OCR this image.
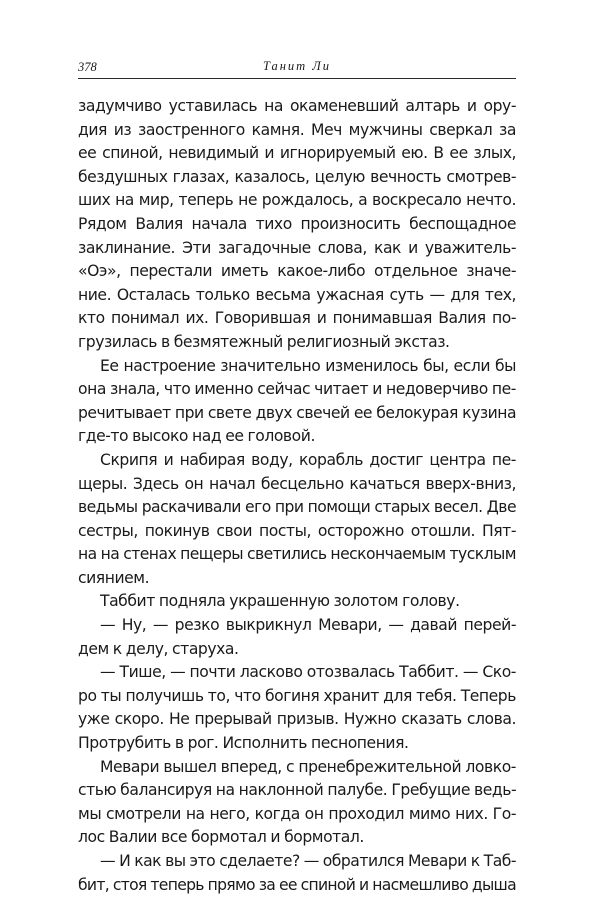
378	Танит Ли
задумчиво уставилась на окаменевший алтарь и ору-
дия из заостренного камня. Меч мужчины сверкал за
ее спиной, невидимый и игнорируемый ею. В ее злых,
бездушных глазах, казалось, целую вечность смотрев-
ших на мир, теперь не рождалось, а воскресало нечто.
Рядом Валия начала тихо произносить беспощадное
заклинание. Эти загадочные слова, как и уважитель-
«Оэ», перестали иметь какое-либо отдельное значе-
ние. Осталась только весьма ужасная суть — для тех,
кто понимал их. Говорившая и понимавшая Валия по-
грузилась в безмятежный религиозный экстаз.
Ее настроение значительно изменилось бы, если бы
она знала, что именно сейчас читает и недоверчиво пе-
речитывает при свете двух свечей ее белокурая кузина
где-то высоко над ее головой.
Скрипя и набирая воду, корабль достиг центра пе-
щеры. Здесь он начал бесцельно качаться вверх-вниз,
ведьмы раскачивали его при помощи старых весел. Две
сестры, покинув свои посты, осторожно отошли. Пят-
на на стенах пещеры светились нескончаемым тусклым
сиянием.
Таббит подняла украшенную золотом голову.
— Ну, — резко выкрикнул Мевари, — давай перей-
дем к делу, старуха.
— Тише, — почти ласково отозвалась Таббит. — Ско-
ро ты получишь то, что богиня хранит для тебя. Теперь
уже скоро. Не прерывай призыв. Нужно сказать слова.
Протрубить в рог. Исполнить песнопения.
Мевари вышел вперед, с пренебрежительной ловко-
стью балансируя на наклонной палубе. Гребущие ведь-
мы смотрели на него, когда он проходил мимо них. Го-
лос Валии все бормотал и бормотал.
— И как вы это сделаете? — обратился Мевари к Таб-
бит, стоя теперь прямо за ее спиной и насмешливо дыша
